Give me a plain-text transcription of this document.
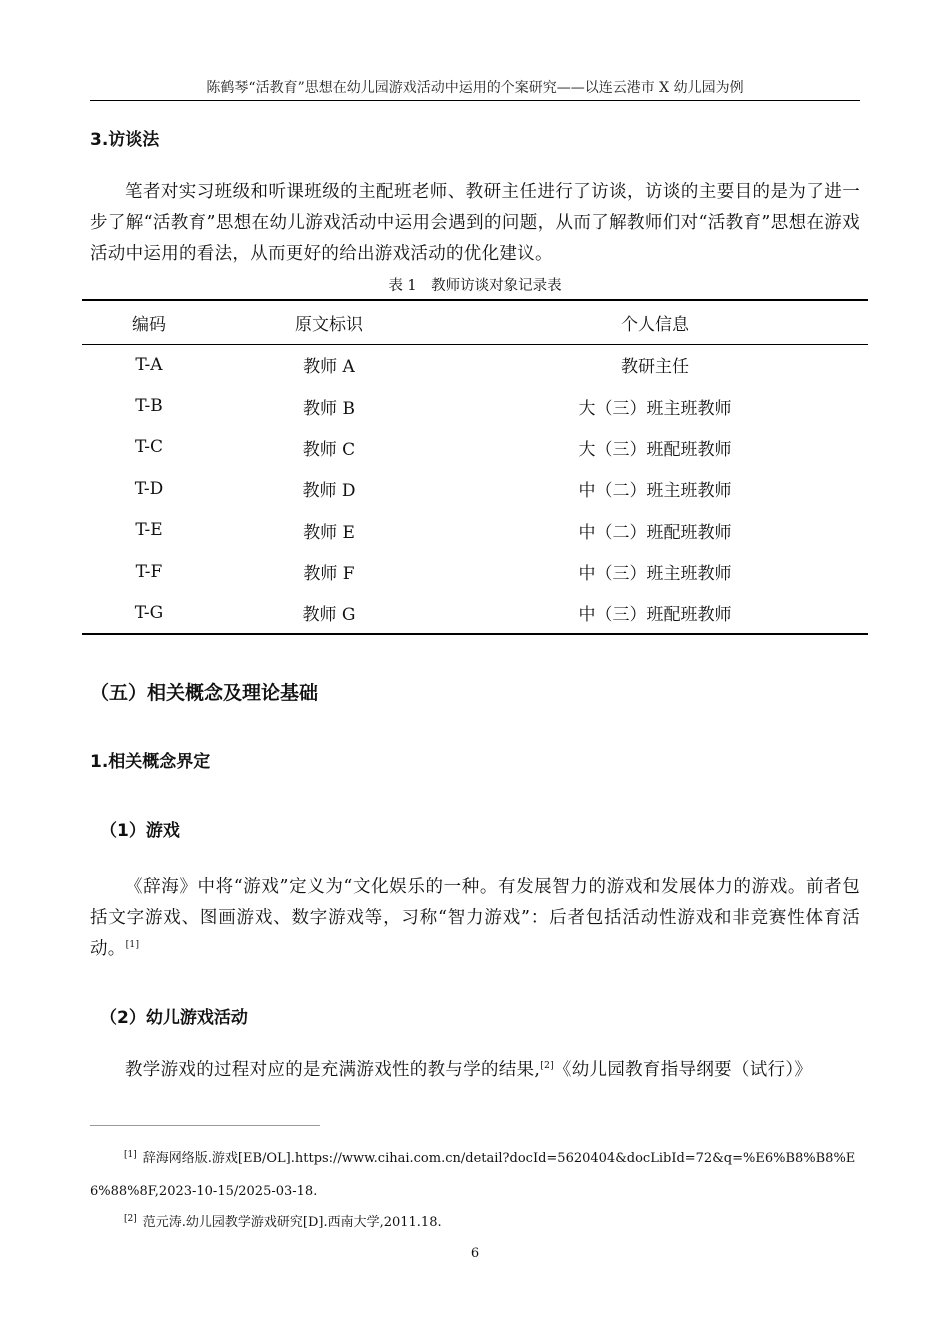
陈鹤琴“活教育”思想在幼儿园游戏活动中运用的个案研究——以连云港市 X 幼儿园为例
3.访谈法
笔者对实习班级和听课班级的主配班老师、教研主任进行了访谈，访谈的主要目的是为了进一步了解“活教育”思想在幼儿游戏活动中运用会遇到的问题，从而了解教师们对“活教育”思想在游戏活动中运用的看法，从而更好的给出游戏活动的优化建议。
表 1　教师访谈对象记录表
编码	原文标识	个人信息
T-A	教师 A	教研主任
T-B	教师 B	大（三）班主班教师
T-C	教师 C	大（三）班配班教师
T-D	教师 D	中（二）班主班教师
T-E	教师 E	中（二）班配班教师
T-F	教师 F	中（三）班主班教师
T-G	教师 G	中（三）班配班教师
（五）相关概念及理论基础
1.相关概念界定
（1）游戏
《辞海》中将“游戏”定义为“文化娱乐的一种。有发展智力的游戏和发展体力的游戏。前者包括文字游戏、图画游戏、数字游戏等，习称“智力游戏”：后者包括活动性游戏和非竞赛性体育活动。[1]
（2）幼儿游戏活动
教学游戏的过程对应的是充满游戏性的教与学的结果,[2]《幼儿园教育指导纲要（试行）》
[1] 辞海网络版.游戏[EB/OL].https://www.cihai.com.cn/detail?docId=5620404&docLibId=72&q=%E6%B8%B8%E6%88%8F,2023-10-15/2025-03-18.
[2] 范元涛.幼儿园教学游戏研究[D].西南大学,2011.18.
6
